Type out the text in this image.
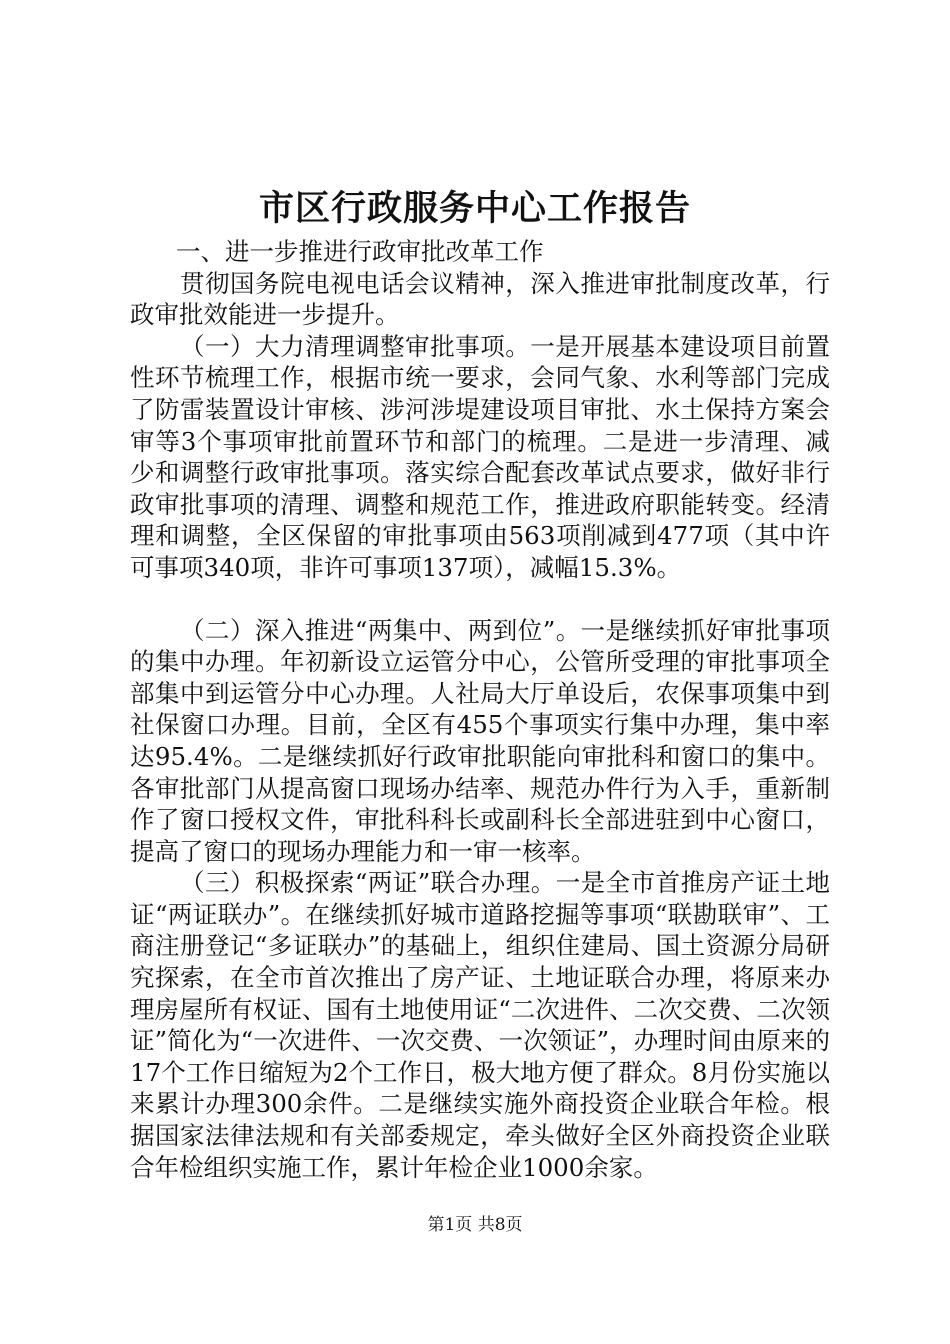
市区行政服务中心工作报告

一、进一步推进行政审批改革工作

贯彻国务院电视电话会议精神，深入推进审批制度改革，行政审批效能进一步提升。

（一）大力清理调整审批事项。一是开展基本建设项目前置性环节梳理工作，根据市统一要求，会同气象、水利等部门完成了防雷装置设计审核、涉河涉堤建设项目审批、水土保持方案会审等3个事项审批前置环节和部门的梳理。二是进一步清理、减少和调整行政审批事项。落实综合配套改革试点要求，做好非行政审批事项的清理、调整和规范工作，推进政府职能转变。经清理和调整，全区保留的审批事项由563项削减到477项（其中许可事项340项，非许可事项137项），减幅15.3%。

（二）深入推进“两集中、两到位”。一是继续抓好审批事项的集中办理。年初新设立运管分中心，公管所受理的审批事项全部集中到运管分中心办理。人社局大厅单设后，农保事项集中到社保窗口办理。目前，全区有455个事项实行集中办理，集中率达95.4%。二是继续抓好行政审批职能向审批科和窗口的集中。各审批部门从提高窗口现场办结率、规范办件行为入手，重新制作了窗口授权文件，审批科科长或副科长全部进驻到中心窗口，提高了窗口的现场办理能力和一审一核率。

（三）积极探索“两证”联合办理。一是全市首推房产证土地证“两证联办”。在继续抓好城市道路挖掘等事项“联勘联审”、工商注册登记“多证联办”的基础上，组织住建局、国土资源分局研究探索，在全市首次推出了房产证、土地证联合办理，将原来办理房屋所有权证、国有土地使用证“二次进件、二次交费、二次领证”简化为“一次进件、一次交费、一次领证”，办理时间由原来的17个工作日缩短为2个工作日，极大地方便了群众。8月份实施以来累计办理300余件。二是继续实施外商投资企业联合年检。根据国家法律法规和有关部委规定，牵头做好全区外商投资企业联合年检组织实施工作，累计年检企业1000余家。

第1页 共8页
